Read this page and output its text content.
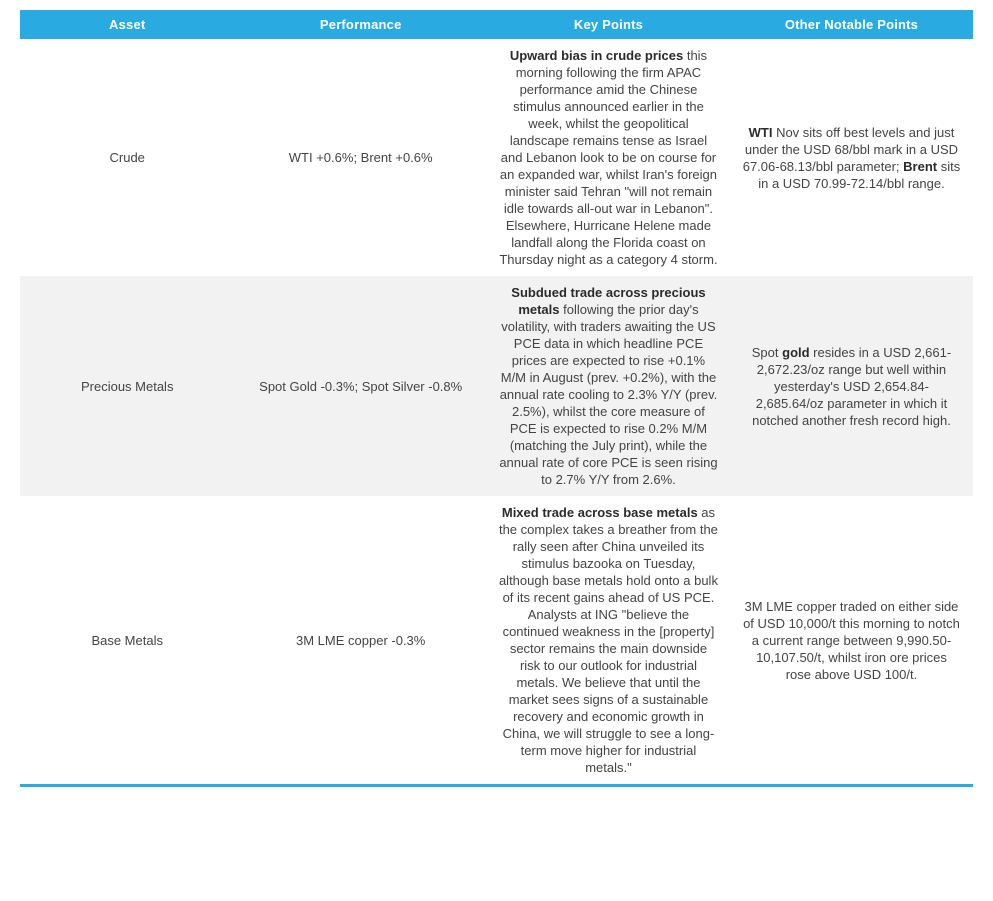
Asset	Performance	Key Points	Other Notable Points
Crude	WTI +0.6%; Brent +0.6%	Upward bias in crude prices this morning following the firm APAC performance amid the Chinese stimulus announced earlier in the week, whilst the geopolitical landscape remains tense as Israel and Lebanon look to be on course for an expanded war, whilst Iran's foreign minister said Tehran "will not remain idle towards all-out war in Lebanon". Elsewhere, Hurricane Helene made landfall along the Florida coast on Thursday night as a category 4 storm.	WTI Nov sits off best levels and just under the USD 68/bbl mark in a USD 67.06-68.13/bbl parameter; Brent sits in a USD 70.99-72.14/bbl range.
Precious Metals	Spot Gold -0.3%; Spot Silver -0.8%	Subdued trade across precious metals following the prior day's volatility, with traders awaiting the US PCE data in which headline PCE prices are expected to rise +0.1% M/M in August (prev. +0.2%), with the annual rate cooling to 2.3% Y/Y (prev. 2.5%), whilst the core measure of PCE is expected to rise 0.2% M/M (matching the July print), while the annual rate of core PCE is seen rising to 2.7% Y/Y from 2.6%.	Spot gold resides in a USD 2,661-2,672.23/oz range but well within yesterday's USD 2,654.84-2,685.64/oz parameter in which it notched another fresh record high.
Base Metals	3M LME copper -0.3%	Mixed trade across base metals as the complex takes a breather from the rally seen after China unveiled its stimulus bazooka on Tuesday, although base metals hold onto a bulk of its recent gains ahead of US PCE. Analysts at ING "believe the continued weakness in the [property] sector remains the main downside risk to our outlook for industrial metals. We believe that until the market sees signs of a sustainable recovery and economic growth in China, we will struggle to see a long-term move higher for industrial metals."	3M LME copper traded on either side of USD 10,000/t this morning to notch a current range between 9,990.50-10,107.50/t, whilst iron ore prices rose above USD 100/t.
